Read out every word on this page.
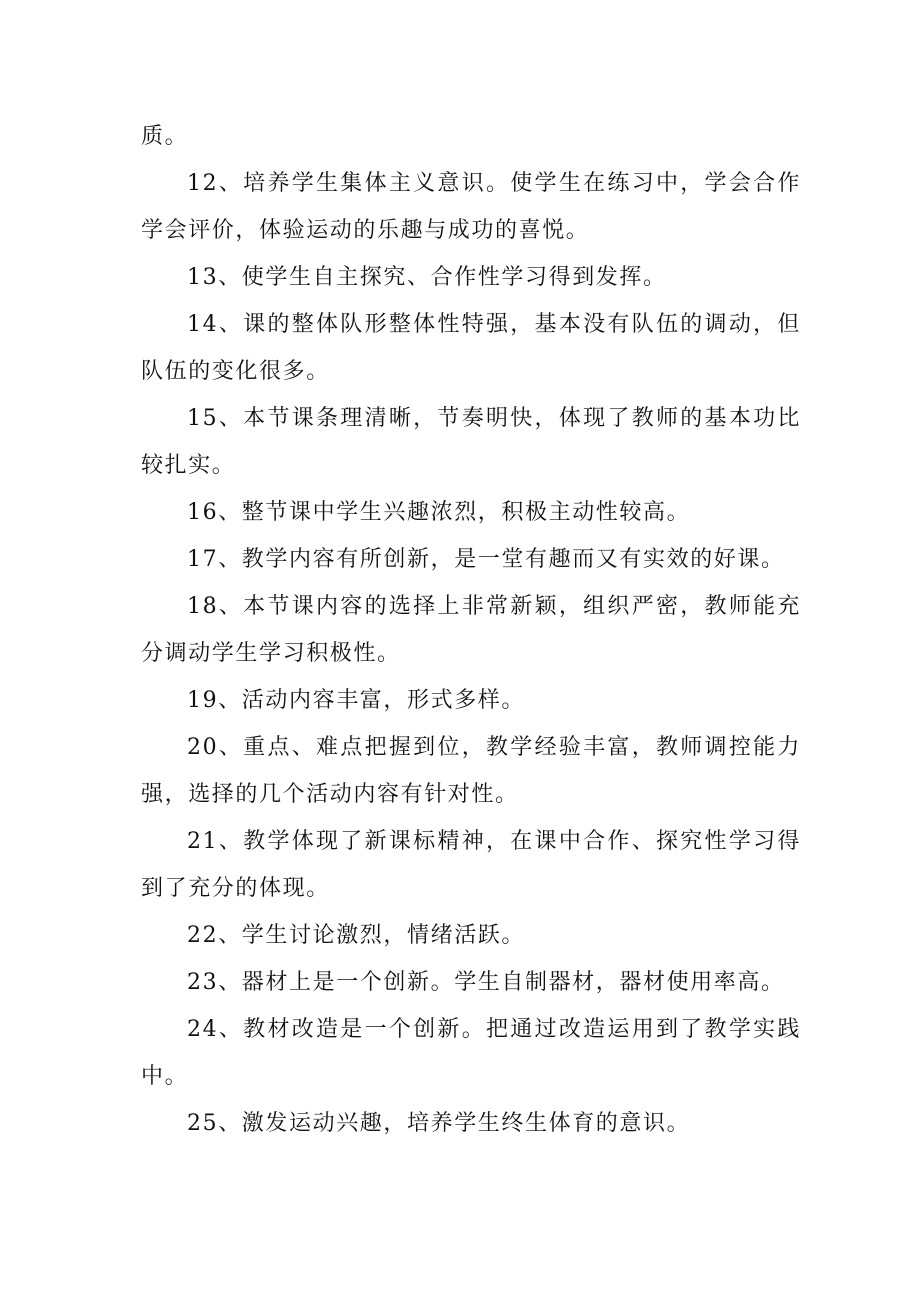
质。

12、培养学生集体主义意识。使学生在练习中，学会合作学会评价，体验运动的乐趣与成功的喜悦。

13、使学生自主探究、合作性学习得到发挥。

14、课的整体队形整体性特强，基本没有队伍的调动，但队伍的变化很多。

15、本节课条理清晰，节奏明快，体现了教师的基本功比较扎实。

16、整节课中学生兴趣浓烈，积极主动性较高。

17、教学内容有所创新，是一堂有趣而又有实效的好课。

18、本节课内容的选择上非常新颖，组织严密，教师能充分调动学生学习积极性。

19、活动内容丰富，形式多样。

20、重点、难点把握到位，教学经验丰富，教师调控能力强，选择的几个活动内容有针对性。

21、教学体现了新课标精神，在课中合作、探究性学习得到了充分的体现。

22、学生讨论激烈，情绪活跃。

23、器材上是一个创新。学生自制器材，器材使用率高。

24、教材改造是一个创新。把通过改造运用到了教学实践中。

25、激发运动兴趣，培养学生终生体育的意识。
